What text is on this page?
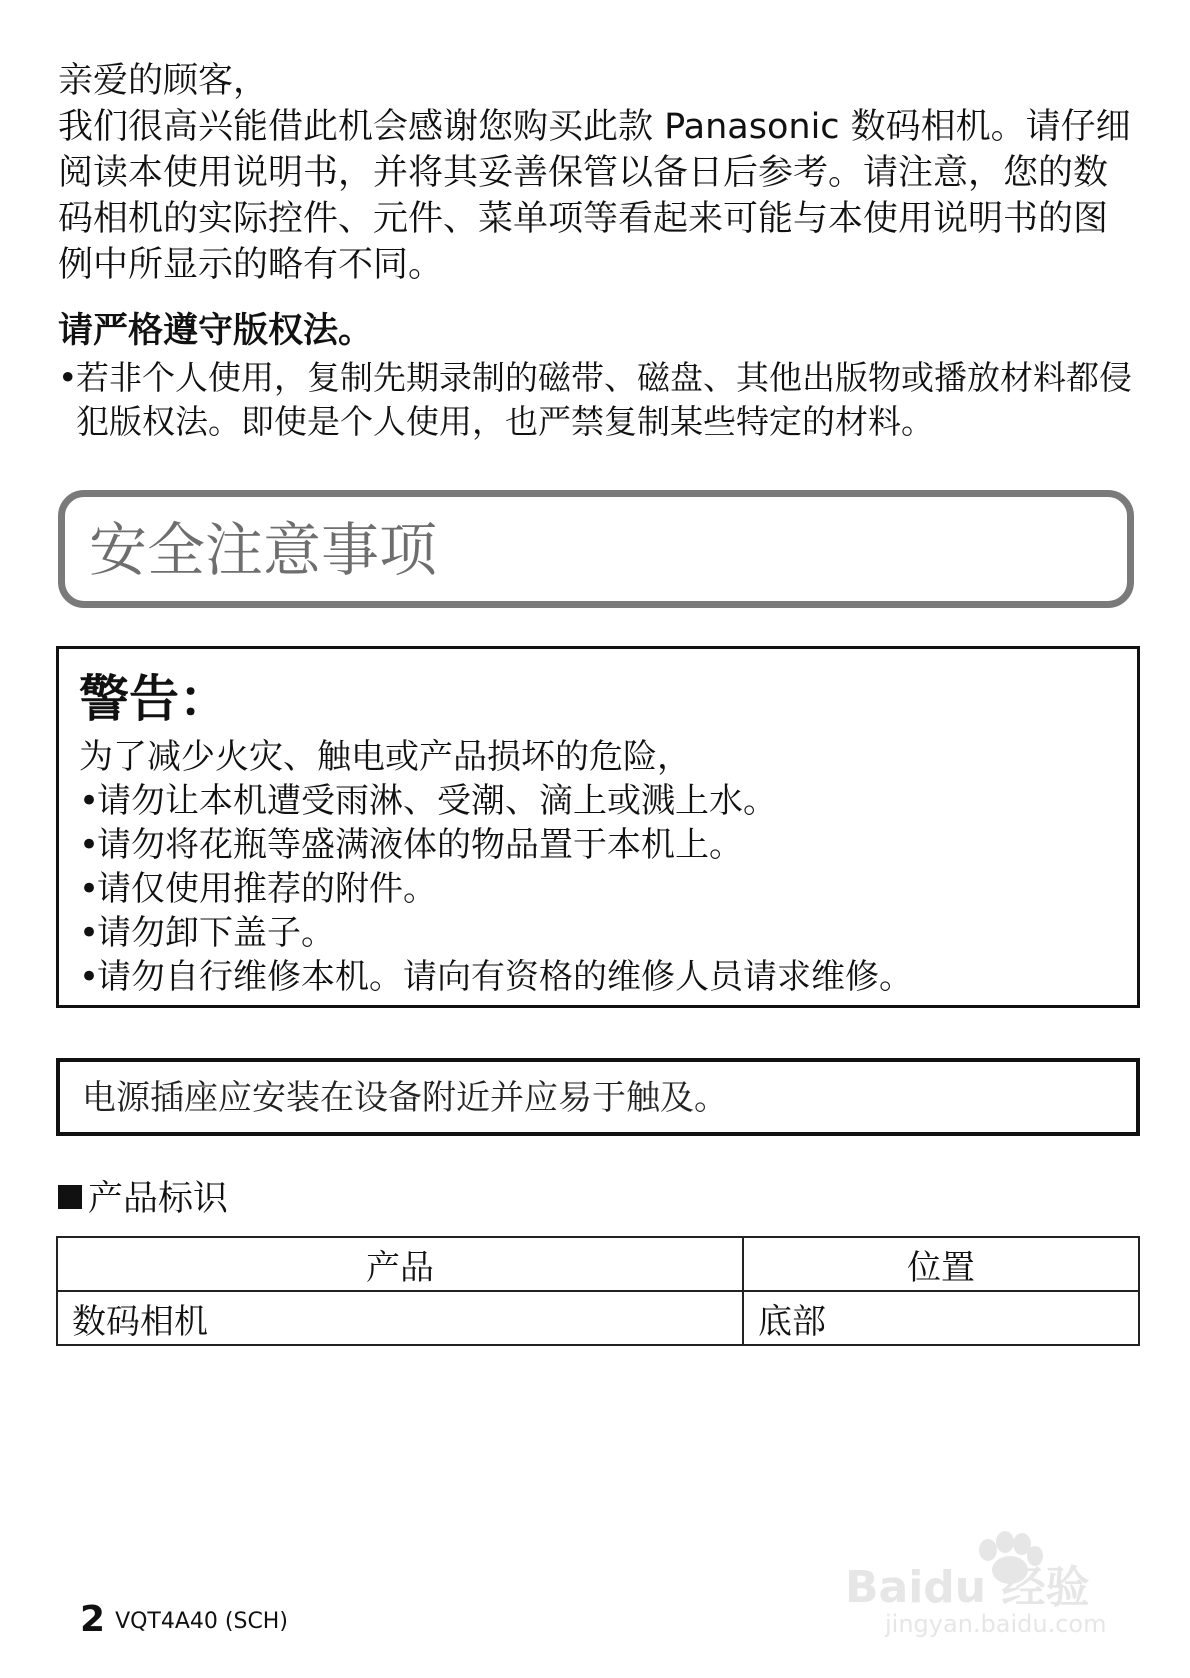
亲爱的顾客，
我们很高兴能借此机会感谢您购买此款 Panasonic 数码相机。请仔细阅读本使用说明书，并将其妥善保管以备日后参考。请注意，您的数码相机的实际控件、元件、菜单项等看起来可能与本使用说明书的图例中所显示的略有不同。
请严格遵守版权法。
•
若非个人使用，复制先期录制的磁带、磁盘、其他出版物或播放材料都侵犯版权法。即使是个人使用，也严禁复制某些特定的材料。
安全注意事项
警告：
为了减少火灾、触电或产品损坏的危险，
•请勿让本机遭受雨淋、受潮、滴上或溅上水。
•请勿将花瓶等盛满液体的物品置于本机上。
•请仅使用推荐的附件。
•请勿卸下盖子。
•请勿自行维修本机。请向有资格的维修人员请求维修。
电源插座应安装在设备附近并应易于触及。
产品标识
产品	位置
数码相机	底部
2 VQT4A40 (SCH)
Baidu 经验
jingyan.baidu.com
